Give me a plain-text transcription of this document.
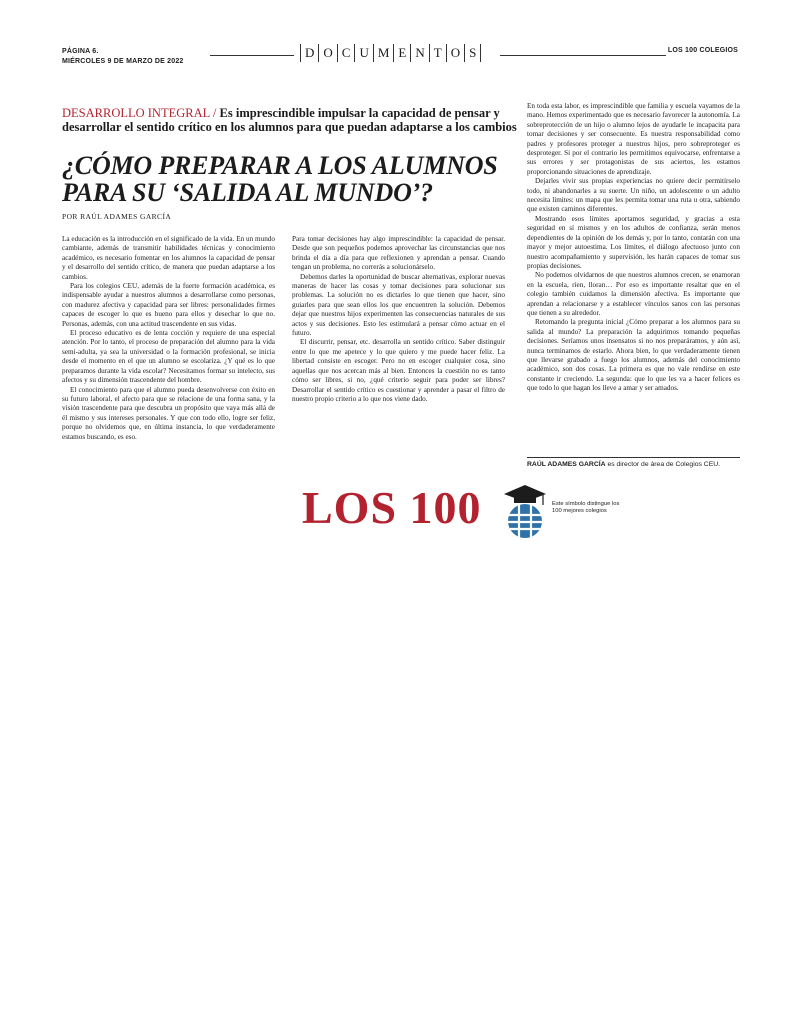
PÁGINA 6.
MIÉRCOLES 9 DE MARZO DE 2022
D O C U M E N T O S	LOS 100 COLEGIOS
DESARROLLO INTEGRAL / Es imprescindible impulsar la capacidad de pensar y desarrollar el sentido crítico en los alumnos para que puedan adaptarse a los cambios
¿CÓMO PREPARAR A LOS ALUMNOS PARA SU ‘SALIDA AL MUNDO’?
POR RAÚL ADAMES GARCÍA

La educación es la introducción en el significado de la vida. En un mundo cambiante, además de transmitir habilidades técnicas y conocimiento académico, es necesario fomentar en los alumnos la capacidad de pensar y el desarrollo del sentido crítico, de manera que puedan adaptarse a los cambios.

Para los colegios CEU, además de la fuerte formación académica, es indispensable ayudar a nuestros alumnos a desarrollarse como personas, con madurez afectiva y capacidad para ser libres: personalidades firmes capaces de escoger lo que es bueno para ellos y desechar lo que no. Personas, además, con una actitud trascendente en sus vidas.

El proceso educativo es de lenta cocción y requiere de una especial atención. Por lo tanto, el proceso de preparación del alumno para la vida semi-adulta, ya sea la universidad o la formación profesional, se inicia desde el momento en el que un alumno se escolariza. ¿Y qué es lo que preparamos durante la vida escolar? Necesitamos formar su intelecto, sus afectos y su dimensión trascendente del hombre.

El conocimiento para que el alumno pueda desenvolverse con éxito en su futuro laboral, el afecto para que se relacione de una forma sana, y la visión trascendente para que descubra un propósito que vaya más allá de él mismo y sus intereses personales. Y que con todo ello, logre ser feliz, porque no olvidemos que, en última instancia, lo que verdaderamente estamos buscando, es eso.

Para tomar decisiones hay algo imprescindible: la capacidad de pensar. Desde que son pequeños podemos aprovechar las circunstancias que nos brinda el día a día para que reflexionen y aprendan a pensar. Cuando tengan un problema, no correrás a solucionárselo.

Debemos darles la oportunidad de buscar alternativas, explorar nuevas maneras de hacer las cosas y tomar decisiones para solucionar sus problemas. La solución no es dictarles lo que tienen que hacer, sino guiarles para que sean ellos los que encuentren la solución. Debemos dejar que nuestros hijos experimenten las consecuencias naturales de sus actos y sus decisiones. Esto les estimulará a pensar cómo actuar en el futuro.

El discurrir, pensar, etc. desarrolla un sentido crítico. Saber distinguir entre lo que me apetece y lo que quiero y me puede hacer feliz. La libertad consiste en escoger. Pero no en escoger cualquier cosa, sino aquellas que nos acercan más al bien. Entonces la cuestión no es tanto cómo ser libres, si no, ¿qué criterio seguir para poder ser libres? Desarrollar el sentido crítico es cuestionar y aprender a pasar el filtro de nuestro propio criterio a lo que nos viene dado.

En toda esta labor, es imprescindible que familia y escuela vayamos de la mano. Hemos experimentado que es necesario favorecer la autonomía. La sobreprotección de un hijo o alumno lejos de ayudarle le incapacita para tomar decisiones y ser consecuente. Es nuestra responsabilidad como padres y profesores proteger a nuestros hijos, pero sobreproteger es desproteger. Si por el contrario les permitimos equivocarse, enfrentarse a sus errores y ser protagonistas de sus aciertos, les estamos proporcionando situaciones de aprendizaje.

Dejarles vivir sus propias experiencias no quiere decir permitírselo todo, ni abandonarles a su suerte. Un niño, un adolescente o un adulto necesita límites: un mapa que les permita tomar una ruta u otra, sabiendo que existen caminos diferentes.

Mostrando esos límites aportamos seguridad, y gracias a esta seguridad en sí mismos y en los adultos de confianza, serán menos dependientes de la opinión de los demás y, por lo tanto, contarán con una mayor y mejor autoestima. Los límites, el diálogo afectuoso junto con nuestro acompañamiento y supervisión, les harán capaces de tomar sus propias decisiones.

No podemos olvidarnos de que nuestros alumnos crecen, se enamoran en la escuela, ríen, lloran… Por eso es importante resaltar que en el colegio también cuidamos la dimensión afectiva. Es importante que aprendan a relacionarse y a establecer vínculos sanos con las personas que tienen a su alrededor.

Retomando la pregunta inicial ¿Cómo preparar a los alumnos para su salida al mundo? La preparación la adquirimos tomando pequeñas decisiones. Seríamos unos insensatos si no nos preparáramos, y aún así, nunca terminamos de estarlo. Ahora bien, lo que verdaderamente tienen que llevarse grabado a fuego los alumnos, además del conocimiento académico, son dos cosas. La primera es que no vale rendirse en este constante ir creciendo. La segunda: que lo que les va a hacer felices es que todo lo que hagan los lleve a amar y ser amados.

RAÚL ADAMES GARCÍA es director de área de Colegios CEU.
LOS 100	Este símbolo distingue los 100 mejores colegios
